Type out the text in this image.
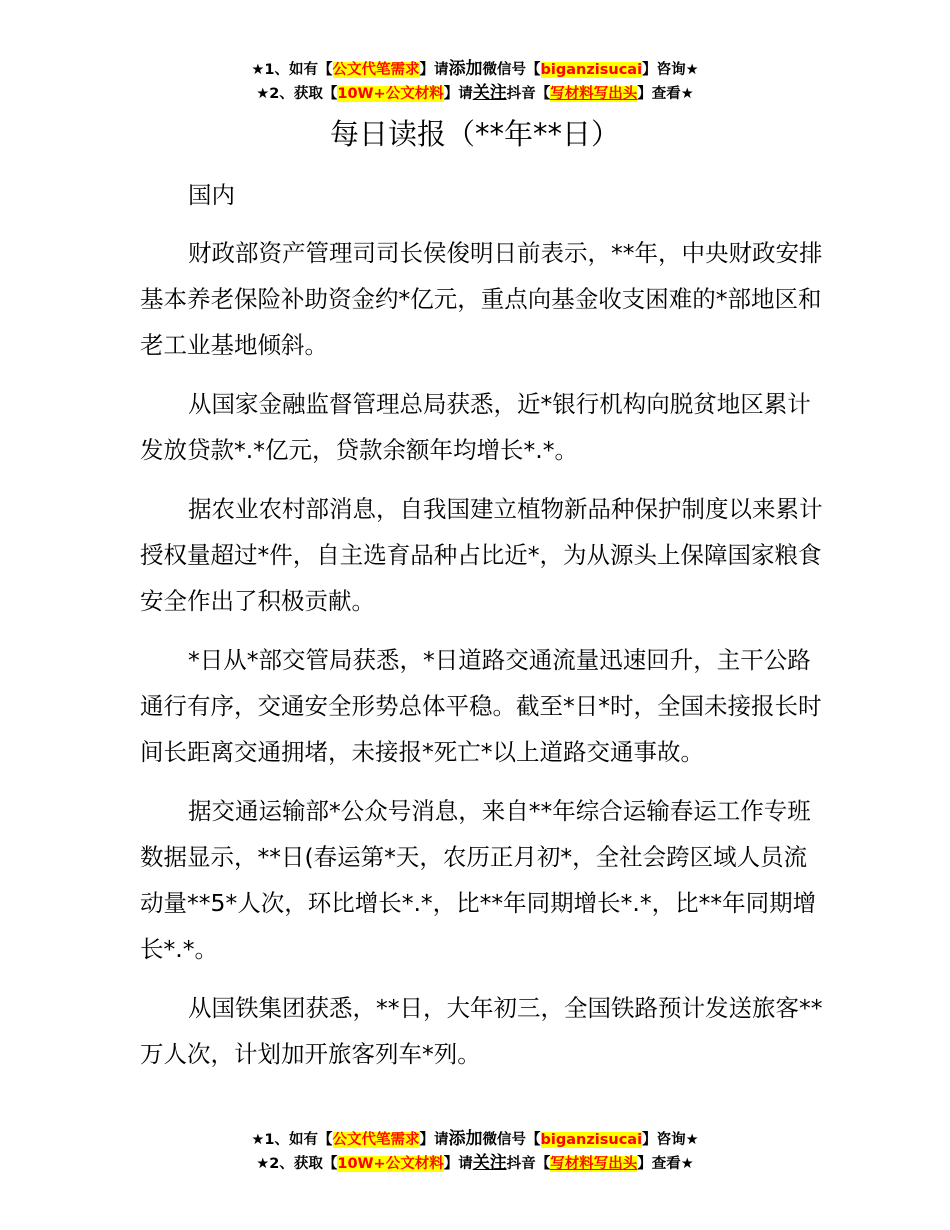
★1、如有【公文代笔需求】请添加微信号【biganzisucai】咨询★
★2、获取【10W+公文材料】请关注抖音【写材料写出头】查看★
每日读报（**年**日）

国内

财政部资产管理司司长侯俊明日前表示，**年，中央财政安排基本养老保险补助资金约*亿元，重点向基金收支困难的*部地区和老工业基地倾斜。

从国家金融监督管理总局获悉，近*银行机构向脱贫地区累计发放贷款*.*亿元，贷款余额年均增长*.*。

据农业农村部消息，自我国建立植物新品种保护制度以来累计授权量超过*件，自主选育品种占比近*，为从源头上保障国家粮食安全作出了积极贡献。

*日从*部交管局获悉，*日道路交通流量迅速回升，主干公路通行有序，交通安全形势总体平稳。截至*日*时，全国未接报长时间长距离交通拥堵，未接报*死亡*以上道路交通事故。

据交通运输部*公众号消息，来自**年综合运输春运工作专班数据显示，**日(春运第*天，农历正月初*，全社会跨区域人员流动量**5*人次，环比增长*.*，比**年同期增长*.*，比**年同期增长*.*。

从国铁集团获悉，**日，大年初三，全国铁路预计发送旅客**万人次，计划加开旅客列车*列。

★1、如有【公文代笔需求】请添加微信号【biganzisucai】咨询★
★2、获取【10W+公文材料】请关注抖音【写材料写出头】查看★
